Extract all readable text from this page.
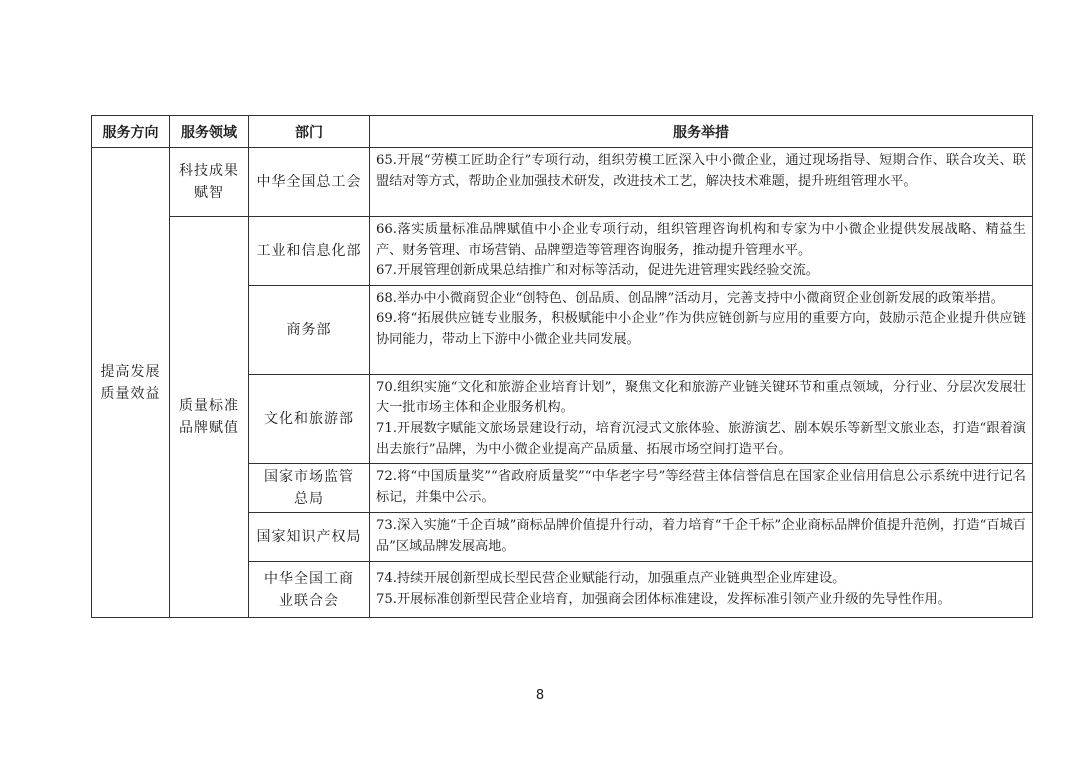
服务方向	服务领域	部门	服务举措

提高发展质量效益	科技成果赋智	中华全国总工会	65.开展“劳模工匠助企行”专项行动，组织劳模工匠深入中小微企业，通过现场指导、短期合作、联合攻关、联盟结对等方式，帮助企业加强技术研发，改进技术工艺，解决技术难题，提升班组管理水平。

	质量标准品牌赋值	工业和信息化部	66.落实质量标准品牌赋值中小企业专项行动，组织管理咨询机构和专家为中小微企业提供发展战略、精益生产、财务管理、市场营销、品牌塑造等管理咨询服务，推动提升管理水平。

67.开展管理创新成果总结推广和对标等活动，促进先进管理实践经验交流。

		商务部	68.举办中小微商贸企业“创特色、创品质、创品牌”活动月，完善支持中小微商贸企业创新发展的政策举措。

69.将“拓展供应链专业服务，积极赋能中小企业”作为供应链创新与应用的重要方向，鼓励示范企业提升供应链协同能力，带动上下游中小微企业共同发展。

		文化和旅游部	70.组织实施“文化和旅游企业培育计划”，聚焦文化和旅游产业链关键环节和重点领域，分行业、分层次发展壮大一批市场主体和企业服务机构。

71.开展数字赋能文旅场景建设行动，培育沉浸式文旅体验、旅游演艺、剧本娱乐等新型文旅业态，打造“跟着演出去旅行”品牌，为中小微企业提高产品质量、拓展市场空间打造平台。

		国家市场监管总局	72.将“中国质量奖”“省政府质量奖”“中华老字号”等经营主体信誉信息在国家企业信用信息公示系统中进行记名标记，并集中公示。

		国家知识产权局	73.深入实施“千企百城”商标品牌价值提升行动，着力培育“千企千标”企业商标品牌价值提升范例，打造“百城百品”区域品牌发展高地。

		中华全国工商业联合会	74.持续开展创新型成长型民营企业赋能行动，加强重点产业链典型企业库建设。

75.开展标准创新型民营企业培育，加强商会团体标准建设，发挥标准引领产业升级的先导性作用。

8
